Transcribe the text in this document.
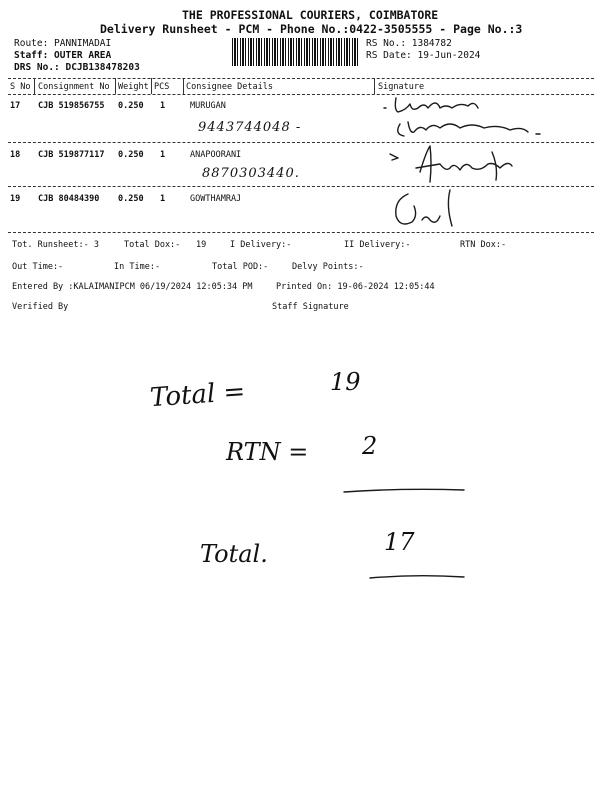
THE PROFESSIONAL COURIERS, COIMBATORE
Delivery Runsheet - PCM - Phone No.:0422-3505555 - Page No.:3
Route: PANNIMADAI
Staff: OUTER AREA
DRS No.: DCJB138478203
RS No.: 1384782
RS Date: 19-Jun-2024
S No Consignment No Weight PCS Consignee Details	Signature
17 CJB 519856755 0.250 1	MURUGAN
9443744048 -
18 CJB 519877117 0.250 1	ANAPOORANI
8870303440.
19 CJB 80484390 0.250 1	GOWTHAMRAJ
Tot. Runsheet:- 3	Total Dox:- 19	I Delivery:-	II Delivery:-	RTN Dox:-
Out Time:-	In Time:-	Total POD:-	Delvy Points:-
Entered By :KALAIMANIPCM 06/19/2024 12:05:34 PM	Printed On: 19-06-2024 12:05:44
Verified By	Staff Signature
Total =	19
RTN = 2
Total.	17
